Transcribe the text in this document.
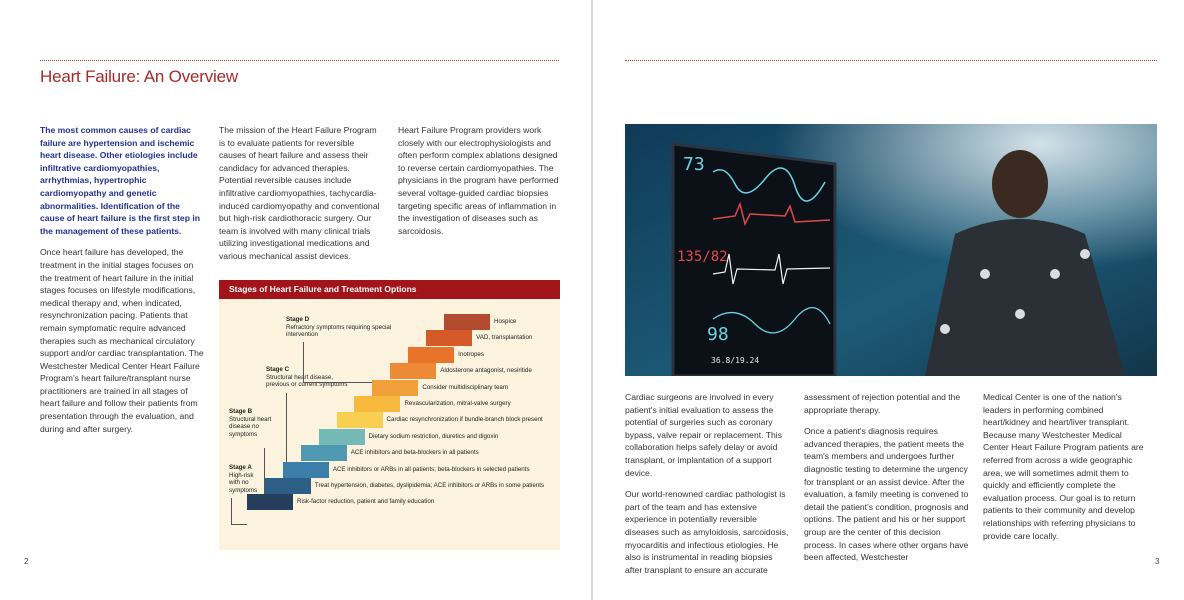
Heart Failure: An Overview

The most common causes of cardiac failure are hypertension and ischemic heart disease. Other etiologies include infiltrative cardiomyopathies, arrhythmias, hypertrophic cardiomyopathy and genetic abnormalities. Identification of the cause of heart failure is the first step in the management of these patients.

Once heart failure has developed, the treatment in the initial stages focuses on the treatment of heart failure in the initial stages focuses on lifestyle modifications, medical therapy and, when indicated, resynchronization pacing. Patients that remain symptomatic require advanced therapies such as mechanical circulatory support and/or cardiac transplantation. The Westchester Medical Center Heart Failure Program's heart failure/transplant nurse practitioners are trained in all stages of heart failure and follow their patients from presentation through the evaluation, and during and after surgery.

The mission of the Heart Failure Program is to evaluate patients for reversible causes of heart failure and assess their candidacy for advanced therapies. Potential reversible causes include infiltrative cardiomyopathies, tachycardia-induced cardiomyopathy and conventional but high-risk cardiothoracic surgery. Our team is involved with many clinical trials utilizing investigational medications and various mechanical assist devices.

Heart Failure Program providers work closely with our electrophysiologists and often perform complex ablations designed to reverse certain cardiomyopathies. The physicians in the program have performed several voltage-guided cardiac biopsies targeting specific areas of inflammation in the investigation of diseases such as sarcoidosis.

Stages of Heart Failure and Treatment Options
Stage D
Refractory symptoms requiring special intervention
Stage C
Structural heart disease, previous or current symptoms
Stage B
Structural heart disease no symptoms
Stage A
High-risk with no symptoms
Hospice
VAD, transplantation
Inotropes
Aldosterone antagonist, nesiritide
Consider multidisciplinary team
Revascularization, mitral-valve surgery
Cardiac resynchronization if bundle-branch block present
Dietary sodium restriction, diuretics and digoxin
ACE inhibitors and beta-blockers in all patients
ACE inhibitors or ARBs in all patients; beta-blockers in selected patients
Treat hypertension, diabetes, dyslipidemia; ACE inhibitors or ARBs in some patients
Risk-factor reduction, patient and family education
2
73
135/82
98
36.8/19.24

Cardiac surgeons are involved in every patient's initial evaluation to assess the potential of surgeries such as coronary bypass, valve repair or replacement. This collaboration helps safely delay or avoid transplant, or implantation of a support device.

Our world-renowned cardiac pathologist is part of the team and has extensive experience in potentially reversible diseases such as amyloidosis, sarcoidosis, myocarditis and infectious etiologies. He also is instrumental in reading biopsies after transplant to ensure an accurate

assessment of rejection potential and the appropriate therapy.

Once a patient's diagnosis requires advanced therapies, the patient meets the team's members and undergoes further diagnostic testing to determine the urgency for transplant or an assist device. After the evaluation, a family meeting is convened to detail the patient's condition, prognosis and options. The patient and his or her support group are the center of this decision process. In cases where other organs have been affected, Westchester

Medical Center is one of the nation's leaders in performing combined heart/kidney and heart/liver transplant. Because many Westchester Medical Center Heart Failure Program patients are referred from across a wide geographic area, we will sometimes admit them to quickly and efficiently complete the evaluation process. Our goal is to return patients to their community and develop relationships with referring physicians to provide care locally.

3
